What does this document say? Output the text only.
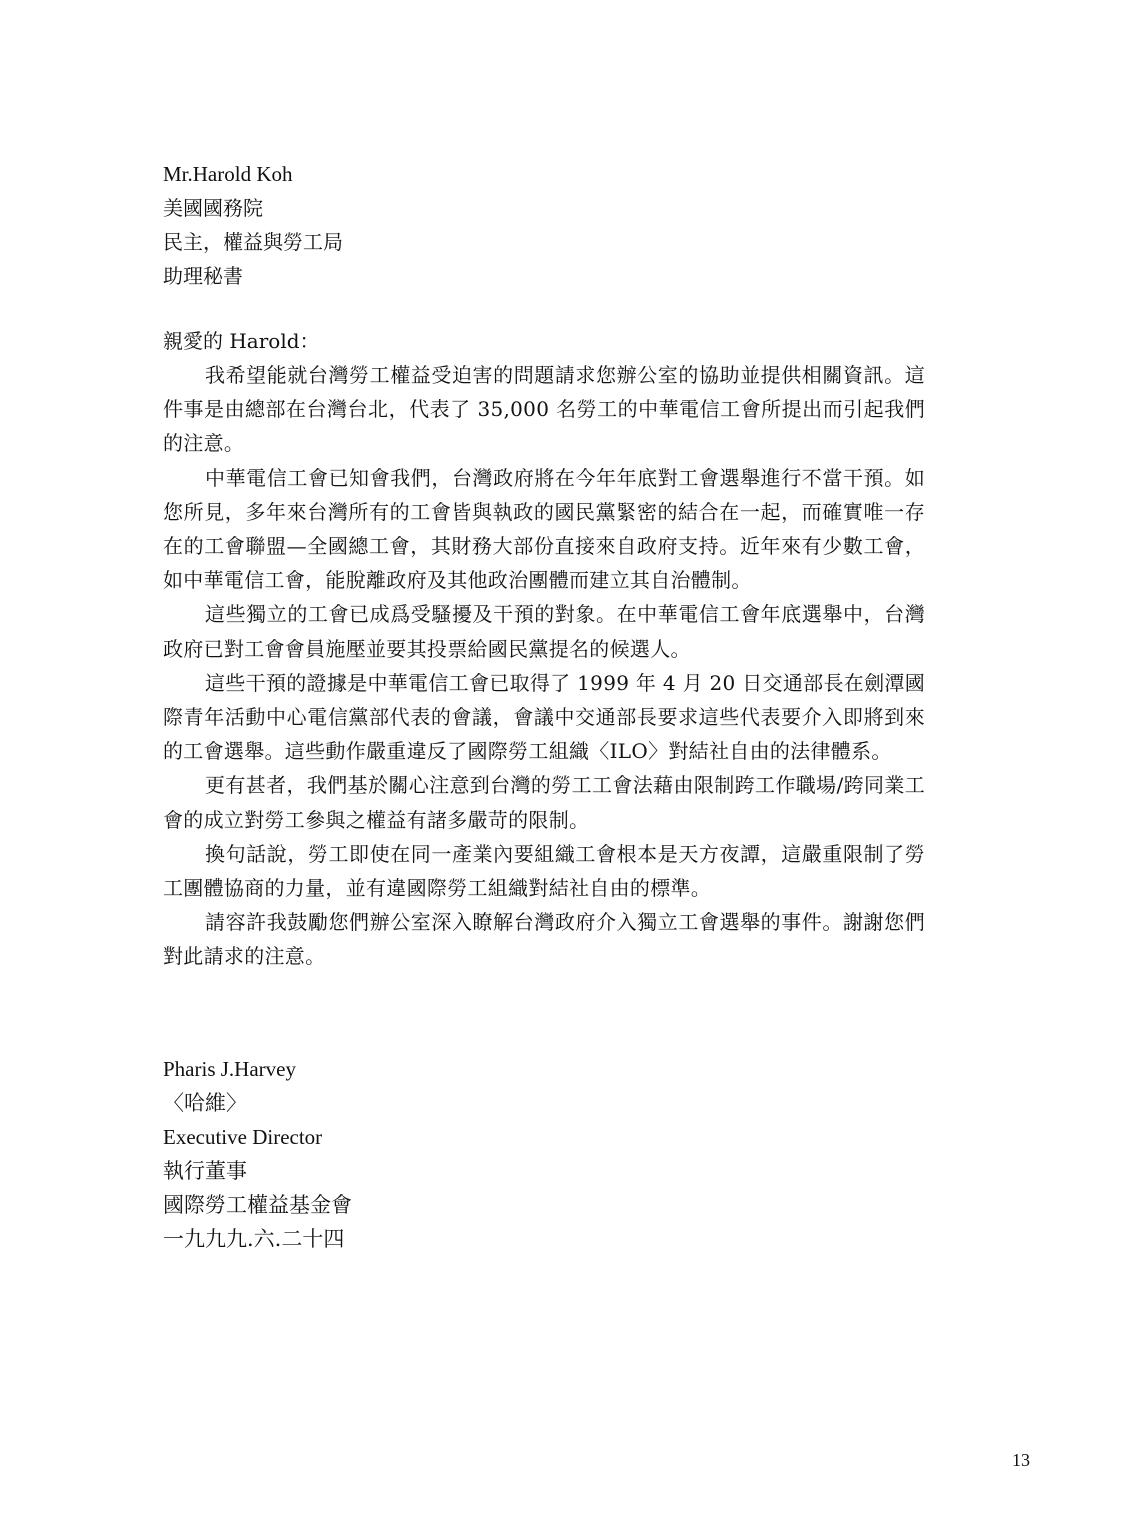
Mr.Harold Koh
美國國務院
民主，權益與勞工局
助理秘書
親愛的 Harold：

我希望能就台灣勞工權益受迫害的問題請求您辦公室的協助並提供相關資訊。這件事是由總部在台灣台北，代表了 35,000 名勞工的中華電信工會所提出而引起我們的注意。

中華電信工會已知會我們，台灣政府將在今年年底對工會選舉進行不當干預。如您所見，多年來台灣所有的工會皆與執政的國民黨緊密的結合在一起，而確實唯一存在的工會聯盟—全國總工會，其財務大部份直接來自政府支持。近年來有少數工會，如中華電信工會，能脫離政府及其他政治團體而建立其自治體制。

這些獨立的工會已成爲受騷擾及干預的對象。在中華電信工會年底選舉中，台灣政府已對工會會員施壓並要其投票給國民黨提名的候選人。

這些干預的證據是中華電信工會已取得了 1999 年 4 月 20 日交通部長在劍潭國際青年活動中心電信黨部代表的會議，會議中交通部長要求這些代表要介入即將到來的工會選舉。這些動作嚴重違反了國際勞工組織〈ILO〉對結社自由的法律體系。

更有甚者，我們基於關心注意到台灣的勞工工會法藉由限制跨工作職場/跨同業工會的成立對勞工參與之權益有諸多嚴苛的限制。

換句話說，勞工即使在同一產業內要組織工會根本是天方夜譚，這嚴重限制了勞工團體協商的力量，並有違國際勞工組織對結社自由的標準。

請容許我鼓勵您們辦公室深入瞭解台灣政府介入獨立工會選舉的事件。謝謝您們對此請求的注意。

Pharis J.Harvey
〈哈維〉
Executive Director
執行董事
國際勞工權益基金會
一九九九.六.二十四
13
